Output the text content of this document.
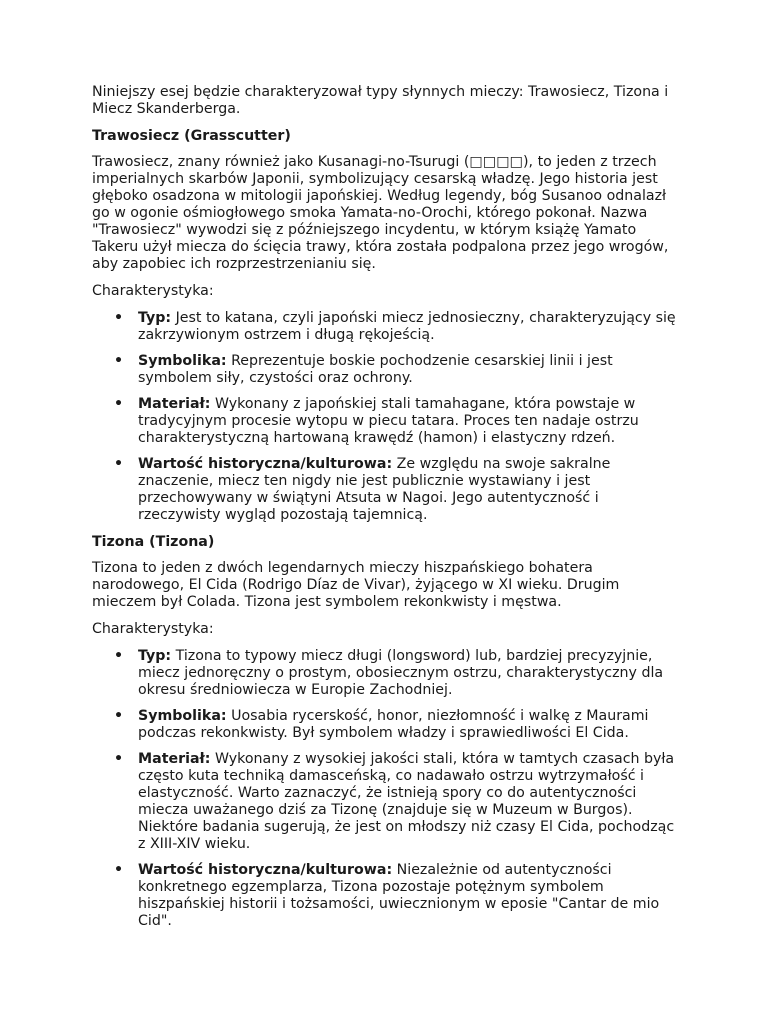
Niniejszy esej będzie charakteryzował typy słynnych mieczy: Trawosiecz, Tizona i Miecz Skanderberga.

Trawosiecz (Grasscutter)

Trawosiecz, znany również jako Kusanagi-no-Tsurugi (□□□□), to jeden z trzech imperialnych skarbów Japonii, symbolizujący cesarską władzę. Jego historia jest głęboko osadzona w mitologii japońskiej. Według legendy, bóg Susanoo odnalazł go w ogonie ośmiogłowego smoka Yamata-no-Orochi, którego pokonał. Nazwa "Trawosiecz" wywodzi się z późniejszego incydentu, w którym książę Yamato Takeru użył miecza do ścięcia trawy, która została podpalona przez jego wrogów, aby zapobiec ich rozprzestrzenianiu się.

Charakterystyka:

• Typ: Jest to katana, czyli japoński miecz jednosieczny, charakteryzujący się zakrzywionym ostrzem i długą rękojeścią.
• Symbolika: Reprezentuje boskie pochodzenie cesarskiej linii i jest symbolem siły, czystości oraz ochrony.
• Materiał: Wykonany z japońskiej stali tamahagane, która powstaje w tradycyjnym procesie wytopu w piecu tatara. Proces ten nadaje ostrzu charakterystyczną hartowaną krawędź (hamon) i elastyczny rdzeń.
• Wartość historyczna/kulturowa: Ze względu na swoje sakralne znaczenie, miecz ten nigdy nie jest publicznie wystawiany i jest przechowywany w świątyni Atsuta w Nagoi. Jego autentyczność i rzeczywisty wygląd pozostają tajemnicą.
Tizona (Tizona)

Tizona to jeden z dwóch legendarnych mieczy hiszpańskiego bohatera narodowego, El Cida (Rodrigo Díaz de Vivar), żyjącego w XI wieku. Drugim mieczem był Colada. Tizona jest symbolem rekonkwisty i męstwa.

Charakterystyka:

• Typ: Tizona to typowy miecz długi (longsword) lub, bardziej precyzyjnie, miecz jednoręczny o prostym, obosiecznym ostrzu, charakterystyczny dla okresu średniowiecza w Europie Zachodniej.
• Symbolika: Uosabia rycerskość, honor, niezłomność i walkę z Maurami podczas rekonkwisty. Był symbolem władzy i sprawiedliwości El Cida.
• Materiał: Wykonany z wysokiej jakości stali, która w tamtych czasach była często kuta techniką damasceńską, co nadawało ostrzu wytrzymałość i elastyczność. Warto zaznaczyć, że istnieją spory co do autentyczności miecza uważanego dziś za Tizonę (znajduje się w Muzeum w Burgos). Niektóre badania sugerują, że jest on młodszy niż czasy El Cida, pochodząc z XIII-XIV wieku.
• Wartość historyczna/kulturowa: Niezależnie od autentyczności konkretnego egzemplarza, Tizona pozostaje potężnym symbolem hiszpańskiej historii i tożsamości, uwiecznionym w eposie "Cantar de mio Cid".
